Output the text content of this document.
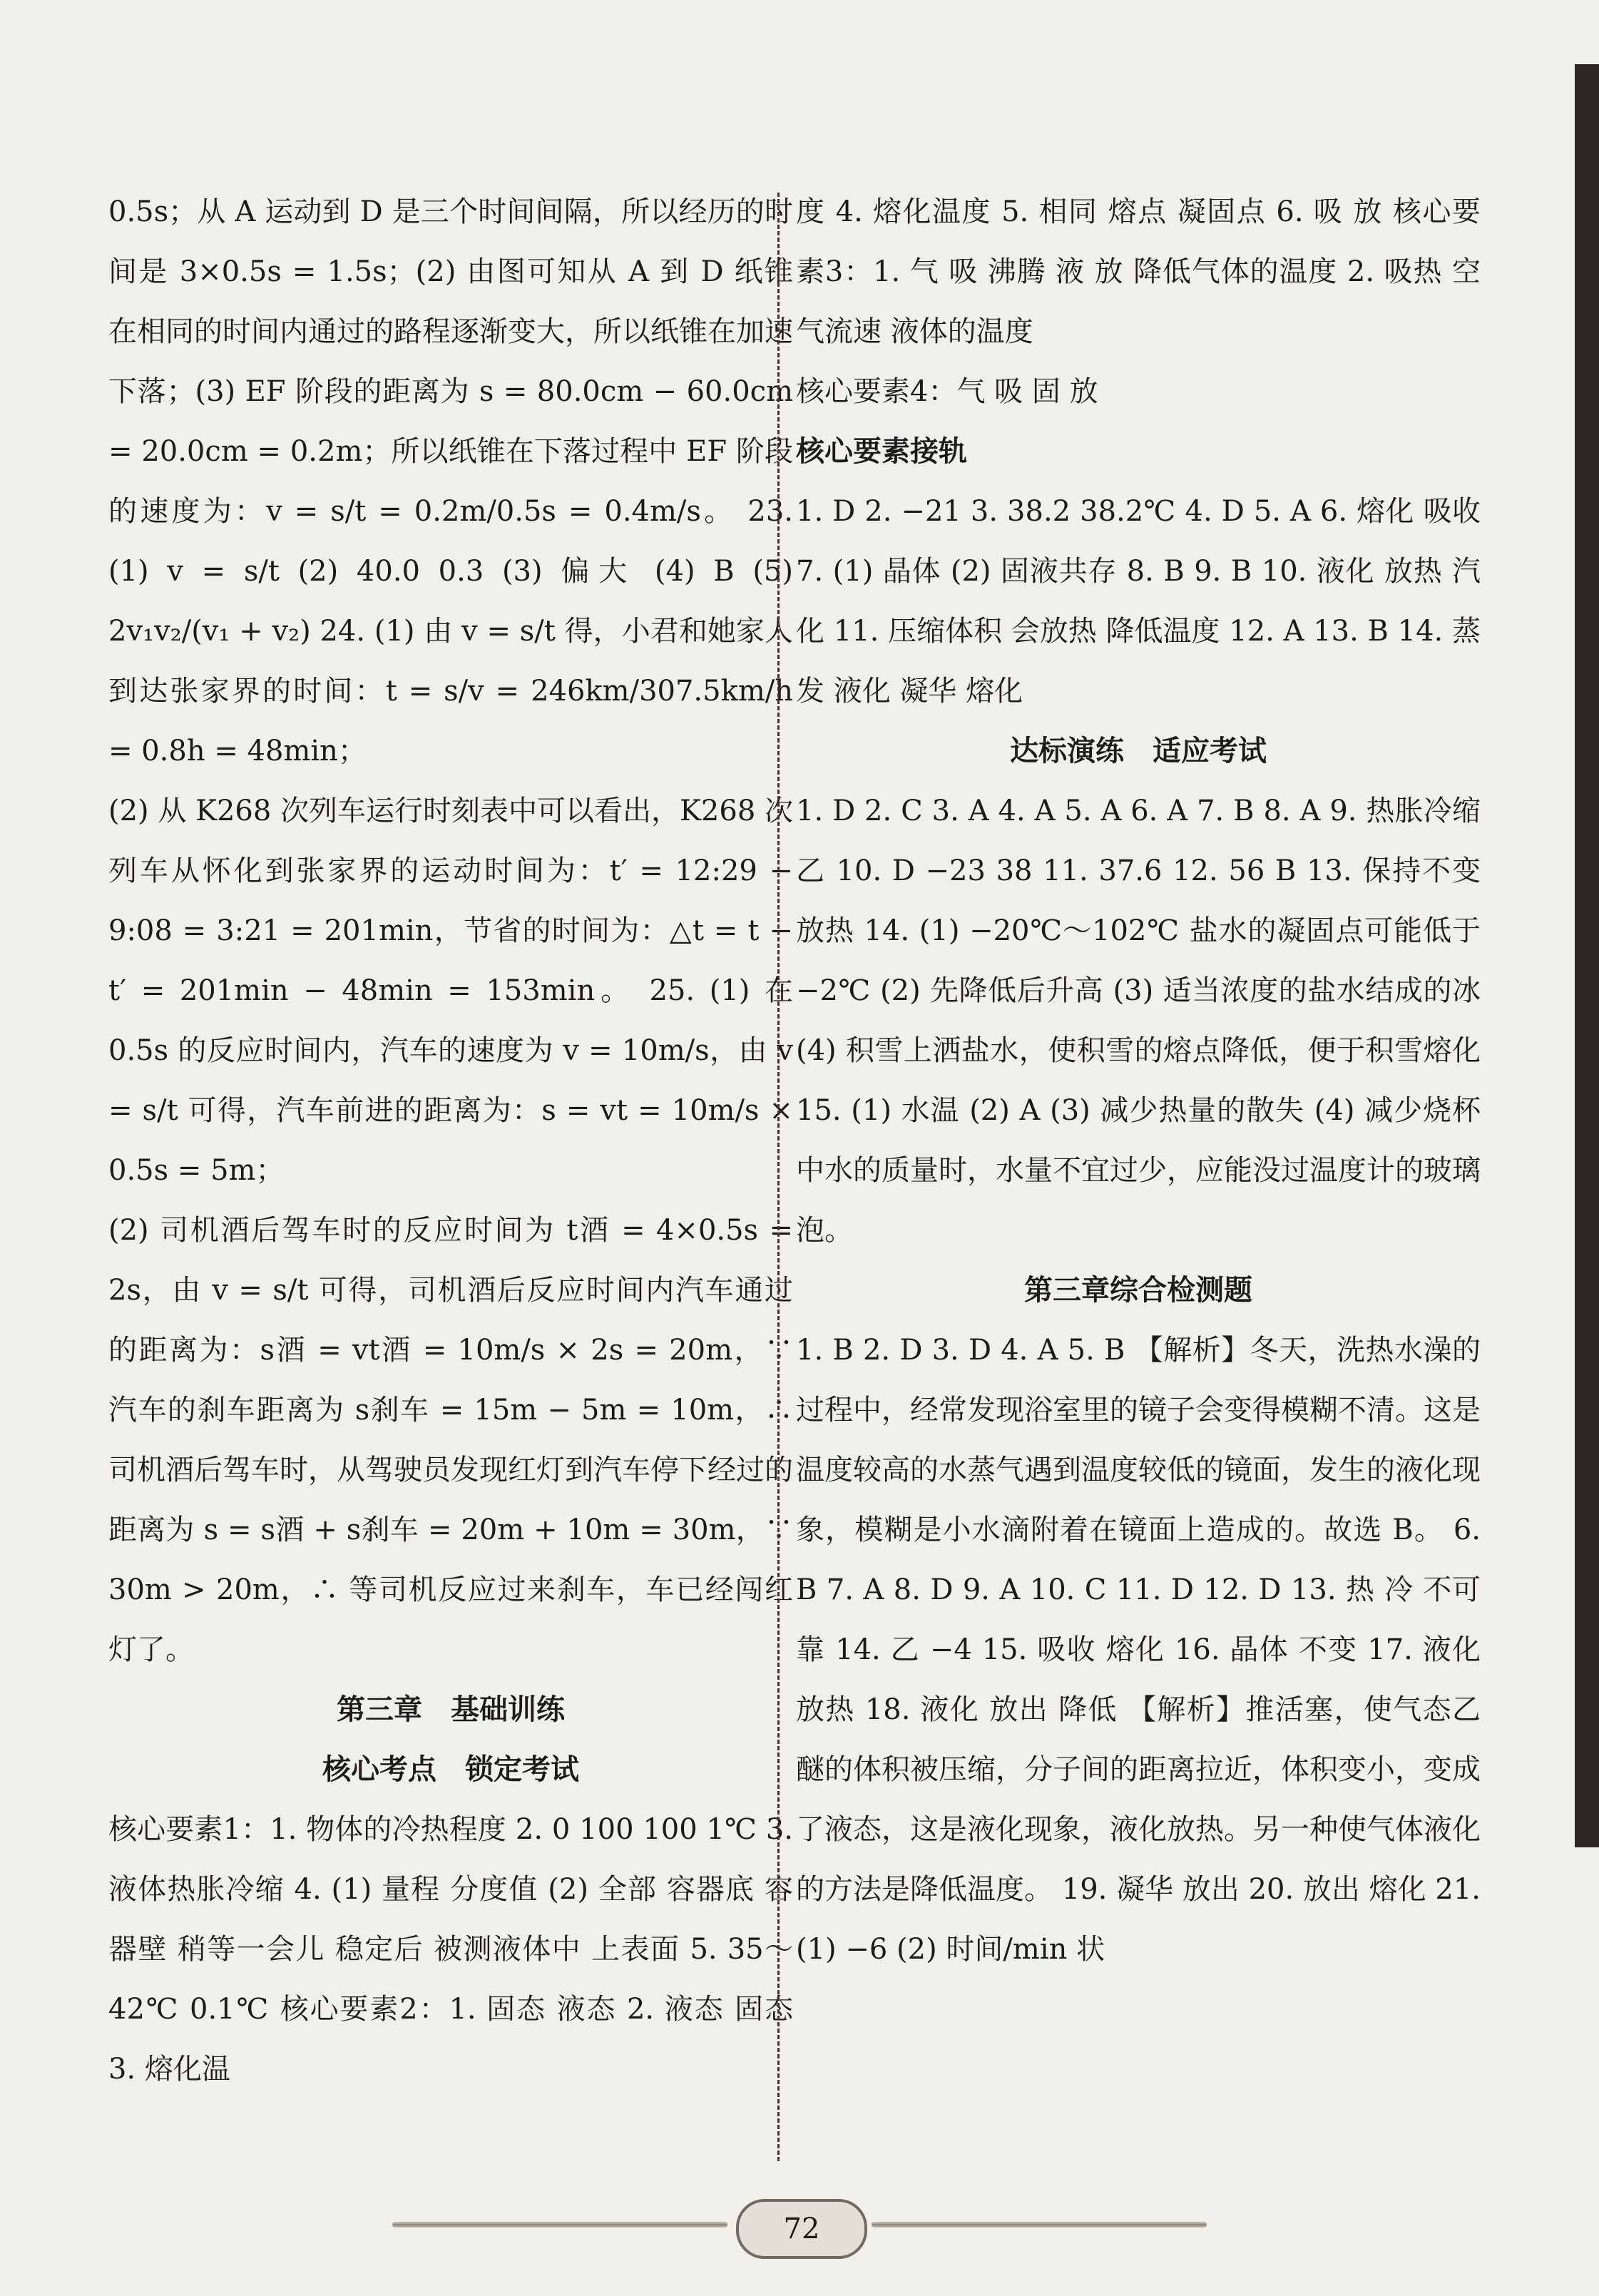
0.5s；从 A 运动到 D 是三个时间间隔，所以经历的时间是 3×0.5s = 1.5s；(2) 由图可知从 A 到 D 纸锥在相同的时间内通过的路程逐渐变大，所以纸锥在加速下落；(3) EF 阶段的距离为 s = 80.0cm − 60.0cm = 20.0cm = 0.2m；所以纸锥在下落过程中 EF 阶段的速度为：v = s/t = 0.2m/0.5s = 0.4m/s。 23. (1) v = s/t (2) 40.0 0.3 (3) 偏大 (4) B (5) 2v₁v₂/(v₁ + v₂) 24. (1) 由 v = s/t 得，小君和她家人到达张家界的时间：t = s/v = 246km/307.5km/h = 0.8h = 48min；

(2) 从 K268 次列车运行时刻表中可以看出，K268 次列车从怀化到张家界的运动时间为：t′ = 12:29 − 9:08 = 3:21 = 201min，节省的时间为：△t = t − t′ = 201min − 48min = 153min。 25. (1) 在 0.5s 的反应时间内，汽车的速度为 v = 10m/s，由 v = s/t 可得，汽车前进的距离为：s = vt = 10m/s × 0.5s = 5m；

(2) 司机酒后驾车时的反应时间为 t酒 = 4×0.5s = 2s，由 v = s/t 可得，司机酒后反应时间内汽车通过的距离为：s酒 = vt酒 = 10m/s × 2s = 20m，∵ 汽车的刹车距离为 s刹车 = 15m − 5m = 10m，∴ 司机酒后驾车时，从驾驶员发现红灯到汽车停下经过的距离为 s = s酒 + s刹车 = 20m + 10m = 30m，∵ 30m > 20m，∴ 等司机反应过来刹车，车已经闯红灯了。

第三章　基础训练

核心考点　锁定考试

核心要素1：1. 物体的冷热程度 2. 0 100 100 1℃ 3. 液体热胀冷缩 4. (1) 量程 分度值 (2) 全部 容器底 容器壁 稍等一会儿 稳定后 被测液体中 上表面 5. 35～42℃ 0.1℃ 核心要素2：1. 固态 液态 2. 液态 固态 3. 熔化温

度 4. 熔化温度 5. 相同 熔点 凝固点 6. 吸 放 核心要素3：1. 气 吸 沸腾 液 放 降低气体的温度 2. 吸热 空气流速 液体的温度

核心要素4：气 吸 固 放

核心要素接轨

1. D 2. −21 3. 38.2 38.2℃ 4. D 5. A 6. 熔化 吸收 7. (1) 晶体 (2) 固液共存 8. B 9. B 10. 液化 放热 汽化 11. 压缩体积 会放热 降低温度 12. A 13. B 14. 蒸发 液化 凝华 熔化

达标演练　适应考试

1. D 2. C 3. A 4. A 5. A 6. A 7. B 8. A 9. 热胀冷缩 乙 10. D −23 38 11. 37.6 12. 56 B 13. 保持不变 放热 14. (1) −20℃～102℃ 盐水的凝固点可能低于 −2℃ (2) 先降低后升高 (3) 适当浓度的盐水结成的冰 (4) 积雪上洒盐水，使积雪的熔点降低，便于积雪熔化 15. (1) 水温 (2) A (3) 减少热量的散失 (4) 减少烧杯中水的质量时，水量不宜过少，应能没过温度计的玻璃泡。

第三章综合检测题

1. B 2. D 3. D 4. A 5. B 【解析】冬天，洗热水澡的过程中，经常发现浴室里的镜子会变得模糊不清。这是温度较高的水蒸气遇到温度较低的镜面，发生的液化现象，模糊是小水滴附着在镜面上造成的。故选 B。 6. B 7. A 8. D 9. A 10. C 11. D 12. D 13. 热 冷 不可靠 14. 乙 −4 15. 吸收 熔化 16. 晶体 不变 17. 液化 放热 18. 液化 放出 降低 【解析】推活塞，使气态乙醚的体积被压缩，分子间的距离拉近，体积变小，变成了液态，这是液化现象，液化放热。另一种使气体液化的方法是降低温度。 19. 凝华 放出 20. 放出 熔化 21. (1) −6 (2) 时间/min 状

72
